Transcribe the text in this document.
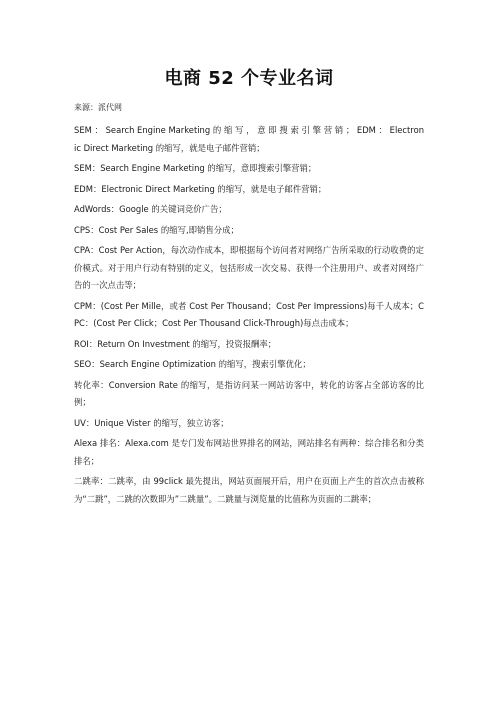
电商 52 个专业名词
来源：派代网

SEM ： Search Engine Marketing 的 缩 写 ， 意 即 搜 索 引 擎 营 销 ； EDM ： Electronic Direct Marketing 的缩写，就是电子邮件营销；

SEM：Search Engine Marketing 的缩写，意即搜索引擎营销；

EDM：Electronic Direct Marketing 的缩写，就是电子邮件营销；

AdWords：Google 的关键词竞价广告；

CPS：Cost Per Sales 的缩写,即销售分成；

CPA：Cost Per Action，每次动作成本，即根据每个访问者对网络广告所采取的行动收费的定价模式。对于用户行动有特别的定义，包括形成一次交易、获得一个注册用户、或者对网络广告的一次点击等；

CPM：(Cost Per Mille，或者 Cost Per Thousand；Cost Per Impressions)每千人成本；CPC：(Cost Per Click；Cost Per Thousand Click-Through)每点击成本；

ROI：Return On Investment 的缩写，投资报酬率；

SEO：Search Engine Optimization 的缩写，搜索引擎优化；

转化率：Conversion Rate 的缩写，是指访问某一网站访客中，转化的访客占全部访客的比例；

UV：Unique Vister 的缩写，独立访客；

Alexa 排名：Alexa.com 是专门发布网站世界排名的网站，网站排名有两种：综合排名和分类排名；

二跳率：二跳率，由 99click 最先提出，网站页面展开后，用户在页面上产生的首次点击被称为“二跳”，二跳的次数即为”二跳量”。二跳量与浏览量的比值称为页面的二跳率；
